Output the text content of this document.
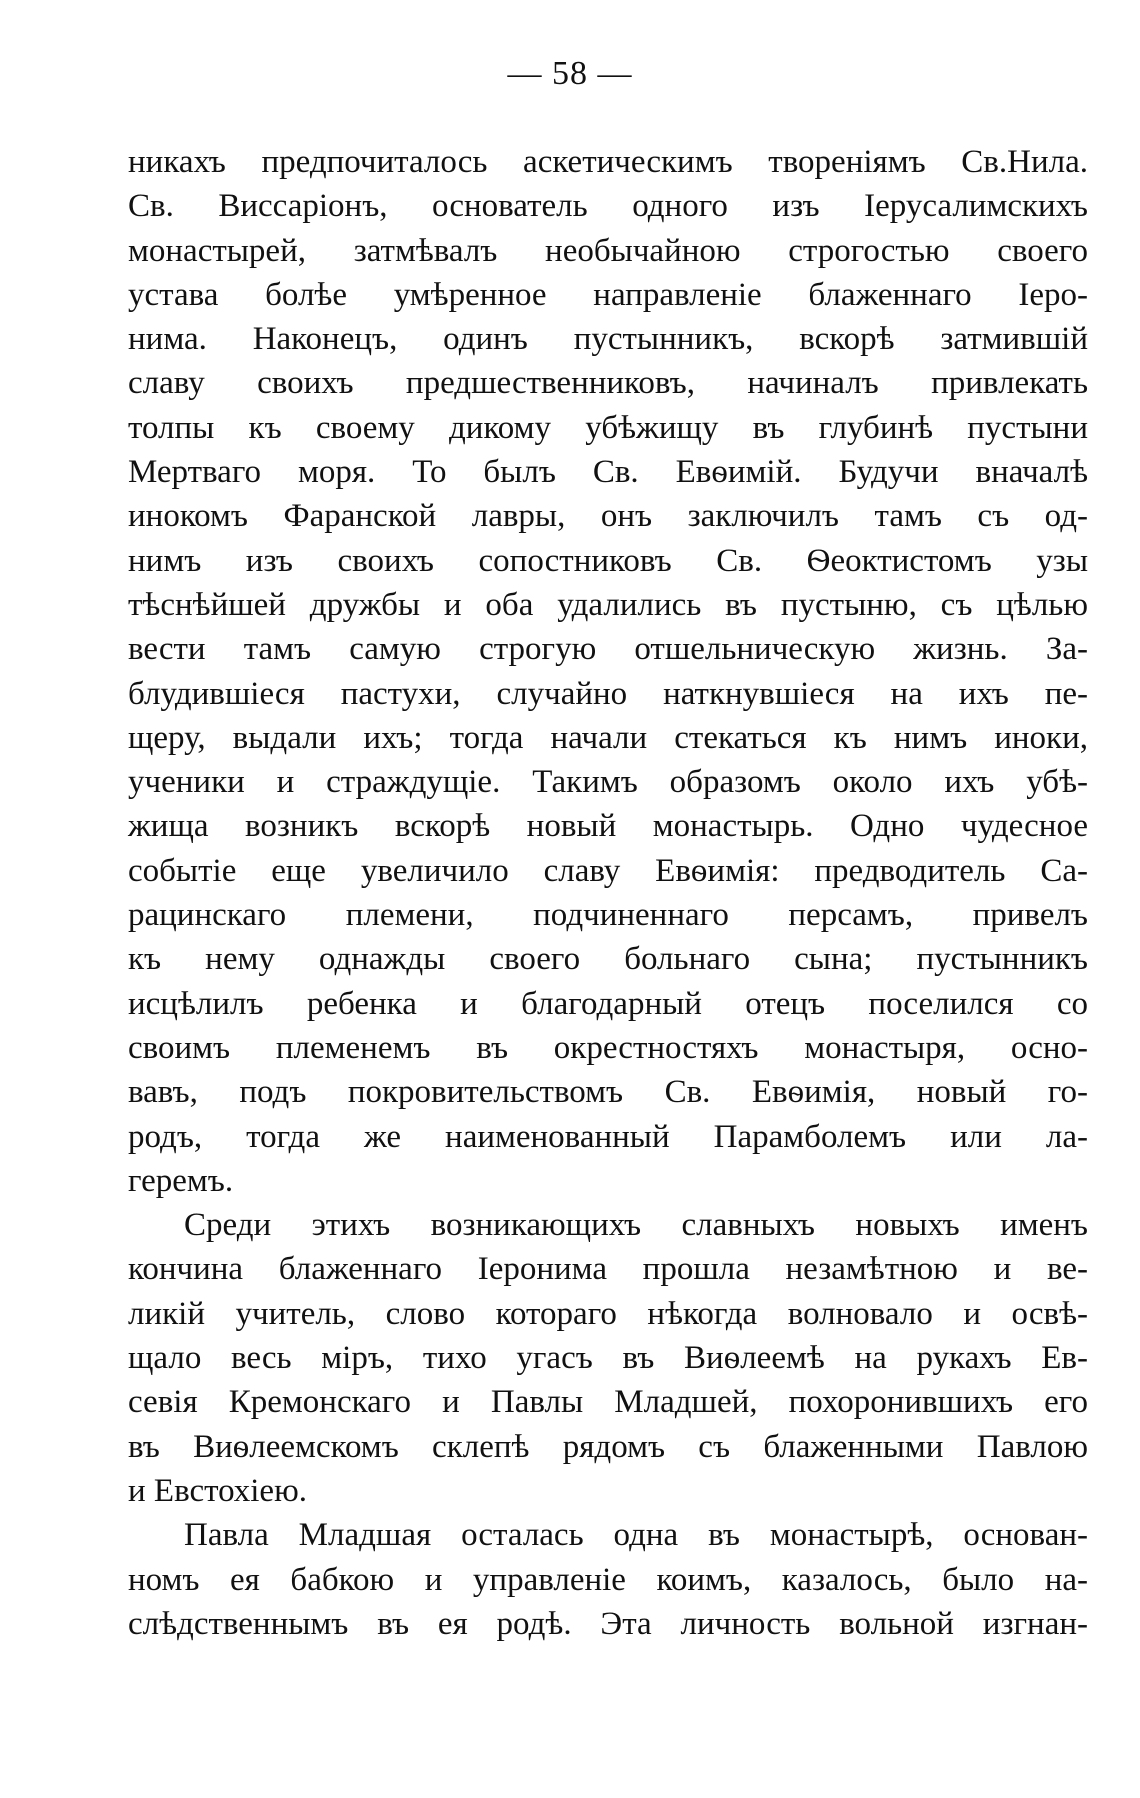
— 58 —
никахъ предпочиталось аскетическимъ твореніямъ Св.Нила.
Св. Виссаріонъ, основатель одного изъ Іерусалимскихъ
монастырей, затмѣвалъ необычайною строгостью своего
устава болѣе умѣренное направленіе блаженнаго Іеро-
нима. Наконецъ, одинъ пустынникъ, вскорѣ затмившій
славу своихъ предшественниковъ, начиналъ привлекать
толпы къ своему дикому убѣжищу въ глубинѣ пустыни
Мертваго моря. То былъ Св. Евѳимій. Будучи вначалѣ
инокомъ Фаранской лавры, онъ заключилъ тамъ съ од-
нимъ изъ своихъ сопостниковъ Св. Ѳеоктистомъ узы
тѣснѣйшей дружбы и оба удалились въ пустыню, съ цѣлью
вести тамъ самую строгую отшельническую жизнь. За-
блудившіеся пастухи, случайно наткнувшіеся на ихъ пе-
щеру, выдали ихъ; тогда начали стекаться къ нимъ иноки,
ученики и страждущіе. Такимъ образомъ около ихъ убѣ-
жища возникъ вскорѣ новый монастырь. Одно чудесное
событіе еще увеличило славу Евѳимія: предводитель Са-
рацинскаго племени, подчиненнаго персамъ, привелъ
къ нему однажды своего больнаго сына; пустынникъ
исцѣлилъ ребенка и благодарный отецъ поселился со
своимъ племенемъ въ окрестностяхъ монастыря, осно-
вавъ, подъ покровительствомъ Св. Евѳимія, новый го-
родъ, тогда же наименованный Парамболемъ или ла-
геремъ.
Среди этихъ возникающихъ славныхъ новыхъ именъ
кончина блаженнаго Іеронима прошла незамѣтною и ве-
ликій учитель, слово котораго нѣкогда волновало и освѣ-
щало весь міръ, тихо угасъ въ Виѳлеемѣ на рукахъ Ев-
севія Кремонскаго и Павлы Младшей, похоронившихъ его
въ Виѳлеемскомъ склепѣ рядомъ съ блаженными Павлою
и Евстохіею.
Павла Младшая осталась одна въ монастырѣ, основан-
номъ ея бабкою и управленіе коимъ, казалось, было на-
слѣдственнымъ въ ея родѣ. Эта личность вольной изгнан-
